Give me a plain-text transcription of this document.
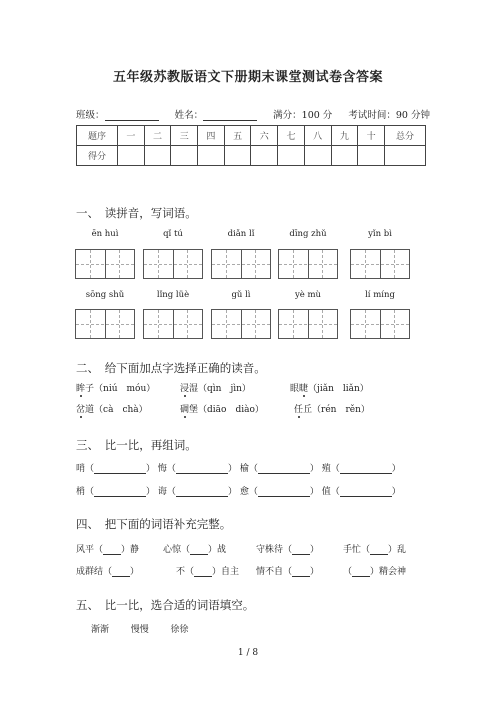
五年级苏教版语文下册期末课堂测试卷含答案
班级：	姓名：	满分：100 分 考试时间：90 分钟
题序	一	二	三	四	五	六	七	八	九	十	总分
得分											
一、　读拼音，写词语。
ēn huì	qǐ tú	diǎn lǐ	dīng zhǔ	yǐn bì
sōng shǔ	lǐng lüè	gǔ lì	yè mù	lí míng
二、　给下面加点字选择正确的读音。
眸子（niú　móu）	浸湿（qìn　jìn）	眼睫（jiǎn　liǎn）
岔道（cà　chà）	碉堡（diāo　diào）	任丘（rén　rěn）
三、　比一比，再组词。
哨（	） 悔（	） 榆（	） 殖（	）
梢（	） 诲（	） 愈（	） 值（	）
四、　把下面的词语补充完整。
风平（ ）静	心惊（ ）战	守株待（ ）	手忙（ ）乱
成群结（ ）	不（ ）自主 情不自（ ）	（ ）精会神
五、　比一比，选合适的词语填空。
渐渐 慢慢 徐徐
1 / 8
